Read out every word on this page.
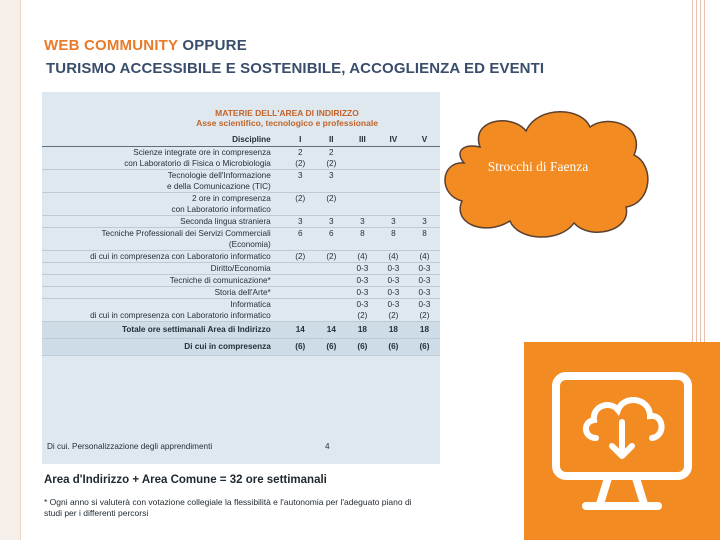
WEB COMMUNITY OPPURE
TURISMO ACCESSIBILE E SOSTENIBILE, ACCOGLIENZA ED EVENTI
MATERIE DELL'AREA DI INDIRIZZO
Asse scientifico, tecnologico e professionale
Discipline	I	II	III	IV	V
Scienze integrate ore in compresenza	2	2			
con Laboratorio di Fisica o Microbiologia	(2)	(2)			
Tecnologie dell'Informazione	3	3			
e della Comunicazione (TIC)					
2 ore in compresenza	(2)	(2)			
con Laboratorio informatico					
Seconda lingua straniera	3	3	3	3	3
Tecniche Professionali dei Servizi Commerciali	6	6	8	8	8
(Economia)					
di cui in compresenza con Laboratorio informatico	(2)	(2)	(4)	(4)	(4)
Diritto/Economia			0-3	0-3	0-3
Tecniche di comunicazione*			0-3	0-3	0-3
Storia dell'Arte*			0-3	0-3	0-3
Informatica			0-3	0-3	0-3
di cui in compresenza con Laboratorio informatico			(2)	(2)	(2)
Totale ore settimanali Area di Indirizzo	14	14	18	18	18
Di cui in compresenza	(6)	(6)	(6)	(6)	(6)
Di cui. Personalizzazione degli apprendimenti	4
Area d'Indirizzo + Area Comune = 32 ore settimanali
* Ogni anno si valuterà con votazione collegiale la flessibilità e l'autonomia per l'adeguato piano di studi per i differenti percorsi
Strocchi di Faenza
